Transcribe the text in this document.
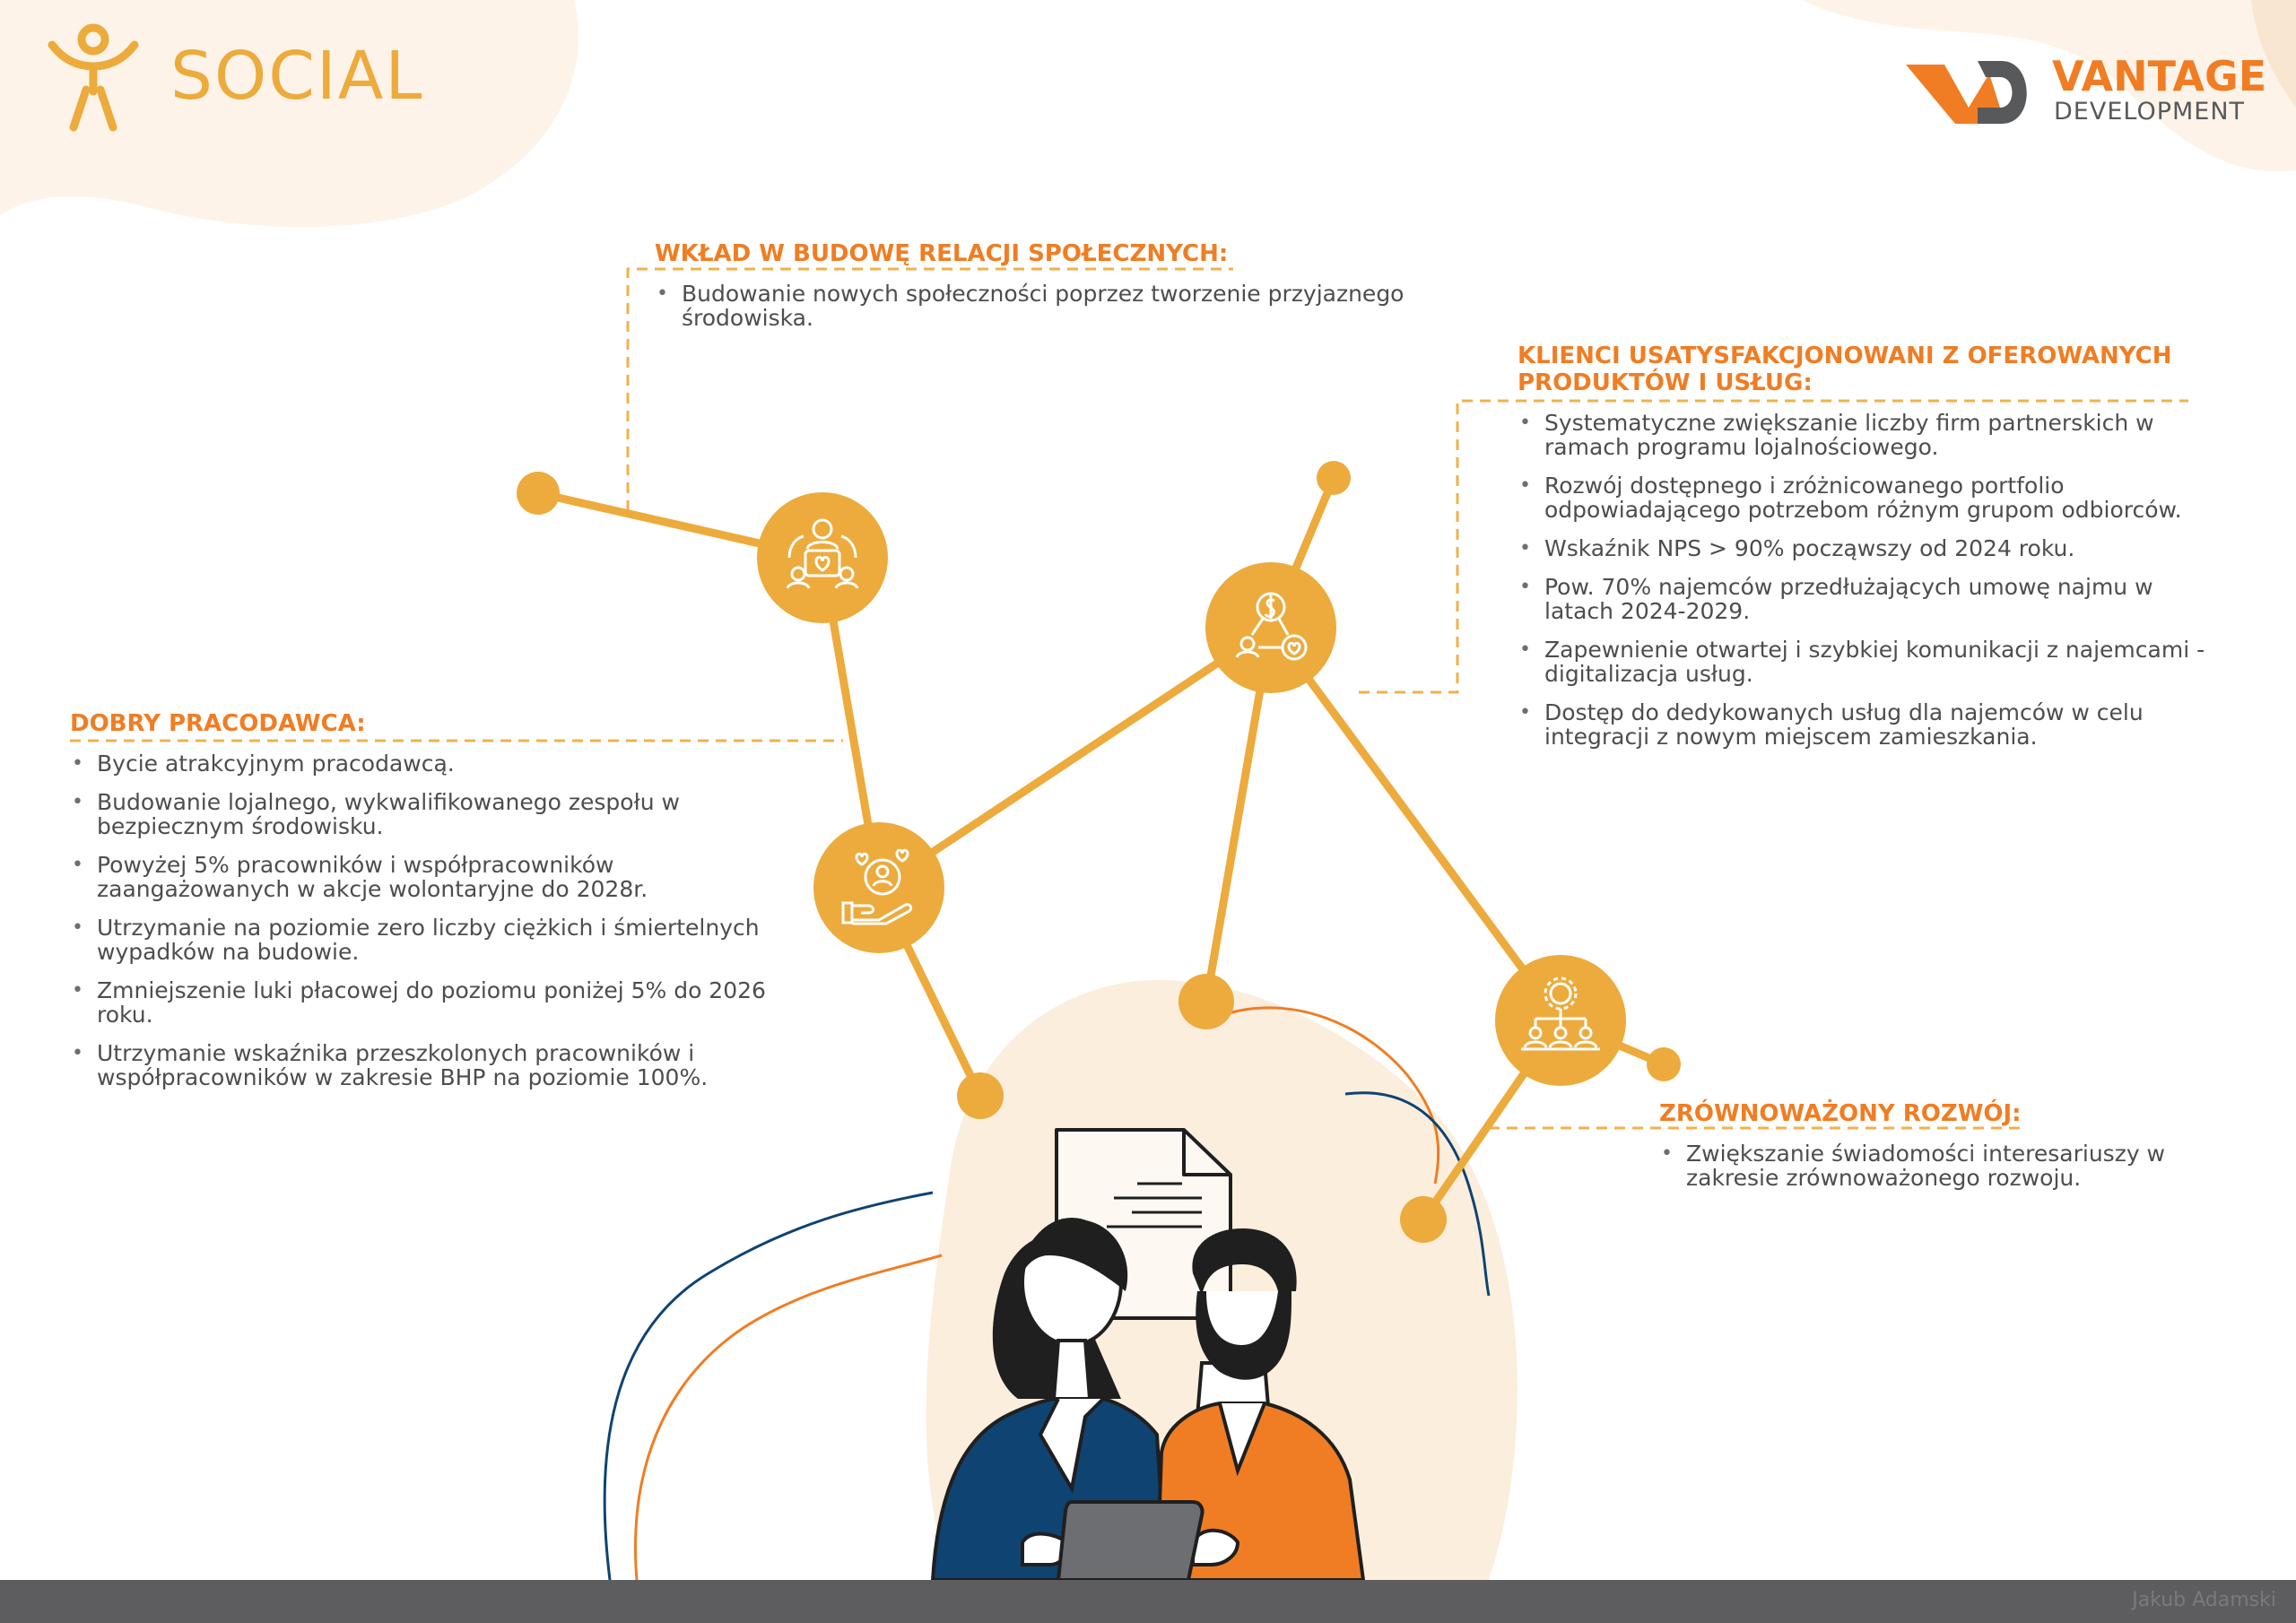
SOCIAL	VANTAGE
DEVELOPMENT
WKŁAD W BUDOWĘ RELACJI SPOŁECZNYCH:
• Budowanie nowych społeczności poprzez tworzenie przyjaznego środowiska.
KLIENCI USATYSFAKCJONOWANI Z OFEROWANYCH PRODUKTÓW I USŁUG:
• Systematyczne zwiększanie liczby firm partnerskich w ramach programu lojalnościowego.
• Rozwój dostępnego i zróżnicowanego portfolio odpowiadającego potrzebom różnym grupom odbiorców.
• Wskaźnik NPS > 90% począwszy od 2024 roku.
• Pow. 70% najemców przedłużających umowę najmu w latach 2024-2029.
• Zapewnienie otwartej i szybkiej komunikacji z najemcami - digitalizacja usług.
• Dostęp do dedykowanych usług dla najemców w celu integracji z nowym miejscem zamieszkania.
DOBRY PRACODAWCA:
• Bycie atrakcyjnym pracodawcą.
• Budowanie lojalnego, wykwalifikowanego zespołu w bezpiecznym środowisku.
• Powyżej 5% pracowników i współpracowników zaangażowanych w akcje wolontaryjne do 2028r.
• Utrzymanie na poziomie zero liczby ciężkich i śmiertelnych wypadków na budowie.
• Zmniejszenie luki płacowej do poziomu poniżej 5% do 2026 roku.
• Utrzymanie wskaźnika przeszkolonych pracowników i współpracowników w zakresie BHP na poziomie 100%.
ZRÓWNOWAŻONY ROZWÓJ:
• Zwiększanie świadomości interesariuszy w zakresie zrównoważonego rozwoju.
Jakub Adamski
